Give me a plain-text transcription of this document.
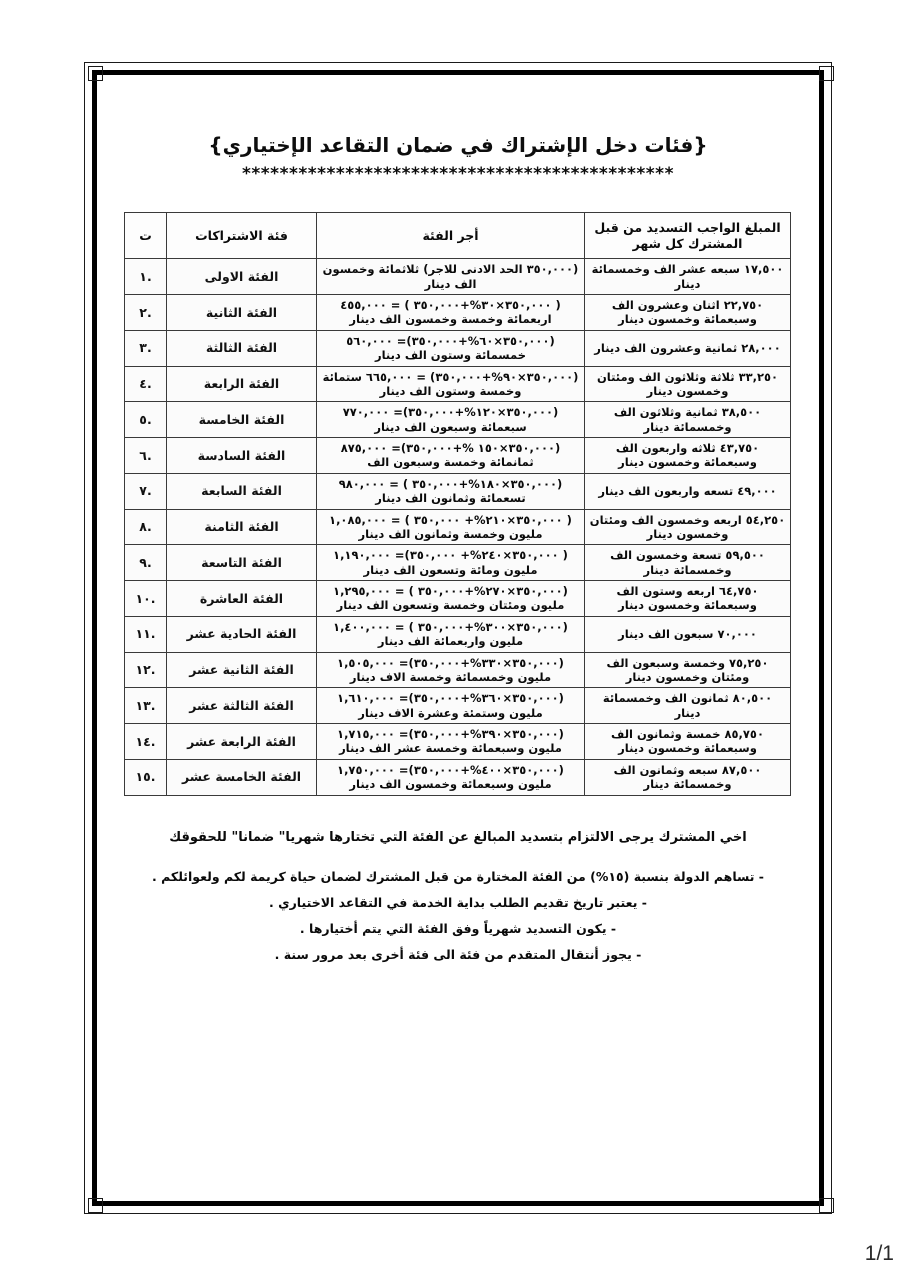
{فئات دخل الإشتراك في ضمان التقاعد الإختياري}
**********************************************
المبلغ الواجب التسديد من قبل المشترك كل شهر	أجر الفئة	فئة الاشتراكات	ت
١٧,٥٠٠ سبعه عشر الف وخمسمائة دينار	(٣٥٠,٠٠٠ الحد الادنى للاجر) ثلاثمائة وخمسون الف دينار	الفئة الاولى	١.
٢٢,٧٥٠ اثنان وعشرون الف وسبعمائة وخمسون دينار	( ٣٥٠,٠٠٠×٣٠%+٣٥٠,٠٠٠ ) = ٤٥٥,٠٠٠ اربعمائة وخمسة وخمسون الف دينار	الفئة الثانية	٢.
٢٨,٠٠٠ ثمانية وعشرون الف دينار	(٣٥٠,٠٠٠×٦٠%+٣٥٠,٠٠٠)= ٥٦٠,٠٠٠ خمسمائة وستون الف دينار	الفئة الثالثة	٣.
٣٣,٢٥٠ ثلاثة وثلاثون الف ومئتان وخمسون دينار	(٣٥٠,٠٠٠×٩٠%+٣٥٠,٠٠٠) = ٦٦٥,٠٠٠ ستمائة وخمسة وستون الف دينار	الفئة الرابعة	٤.
٣٨,٥٠٠ ثمانية وثلاثون الف وخمسمائة دينار	(٣٥٠,٠٠٠×١٢٠%+٣٥٠,٠٠٠)= ٧٧٠,٠٠٠ سبعمائة وسبعون الف دينار	الفئة الخامسة	٥.
٤٣,٧٥٠ ثلاثه واربعون الف وسبعمائة وخمسون دينار	(٣٥٠,٠٠٠×١٥٠ %+٣٥٠,٠٠٠)= ٨٧٥,٠٠٠ ثمانمائة وخمسة وسبعون الف	الفئة السادسة	٦.
٤٩,٠٠٠ تسعه واربعون الف دينار	(٣٥٠,٠٠٠×١٨٠%+٣٥٠,٠٠٠ ) = ٩٨٠,٠٠٠ تسعمائة وثمانون الف دينار	الفئة السابعة	٧.
٥٤,٢٥٠ اربعه وخمسون الف ومئتان وخمسون دينار	( ٣٥٠,٠٠٠×٢١٠%+ ٣٥٠,٠٠٠ ) = ١,٠٨٥,٠٠٠ مليون وخمسة وثمانون الف دينار	الفئة الثامنة	٨.
٥٩,٥٠٠ تسعة وخمسون الف وخمسمائة دينار	( ٣٥٠,٠٠٠×٢٤٠%+ ٣٥٠,٠٠٠)= ١,١٩٠,٠٠٠ مليون ومائة وتسعون الف دينار	الفئة التاسعة	٩.
٦٤,٧٥٠ اربعه وستون الف وسبعمائة وخمسون دينار	(٣٥٠,٠٠٠×٢٧٠%+٣٥٠,٠٠٠ ) = ١,٢٩٥,٠٠٠ مليون ومئتان وخمسة وتسعون الف دينار	الفئة العاشرة	١٠.
٧٠,٠٠٠ سبعون الف دينار	(٣٥٠,٠٠٠×٣٠٠%+٣٥٠,٠٠٠ ) = ١,٤٠٠,٠٠٠ مليون واربعمائة الف دينار	الفئة الحادية عشر	١١.
٧٥,٢٥٠ وخمسة وسبعون الف ومئتان وخمسون دينار	(٣٥٠,٠٠٠×٣٣٠%+٣٥٠,٠٠٠)= ١,٥٠٥,٠٠٠ مليون وخمسمائة وخمسة الاف دينار	الفئة الثانية عشر	١٢.
٨٠,٥٠٠ ثمانون الف وخمسمائة دينار	(٣٥٠,٠٠٠×٣٦٠%+٣٥٠,٠٠٠)= ١,٦١٠,٠٠٠ مليون وستمئة وعشرة الاف دينار	الفئة الثالثة عشر	١٣.
٨٥,٧٥٠ خمسة وثمانون الف وسبعمائة وخمسون دينار	(٣٥٠,٠٠٠×٣٩٠%+٣٥٠,٠٠٠)= ١,٧١٥,٠٠٠ مليون وسبعمائة وخمسة عشر الف دينار	الفئة الرابعة عشر	١٤.
٨٧,٥٠٠ سبعه وثمانون الف وخمسمائة دينار	(٣٥٠,٠٠٠×٤٠٠%+٣٥٠,٠٠٠)= ١,٧٥٠,٠٠٠ مليون وسبعمائة وخمسون الف دينار	الفئة الخامسة عشر	١٥.
اخي المشترك يرجى الالتزام بتسديد المبالغ عن الفئة التي تختارها شهريا" ضمانا" للحقوقك
- تساهم الدولة بنسبة (١٥%) من الفئة المختارة من قبل المشترك لضمان حياة كريمة لكم ولعوائلكم .
- يعتبر تاريخ تقديم الطلب بداية الخدمة في التقاعد الاختياري .
- يكون التسديد شهرياً وفق الفئة التي يتم أختيارها .
- يجوز أنتقال المتقدم من فئة الى فئة أخرى بعد مرور سنة .
1/1
